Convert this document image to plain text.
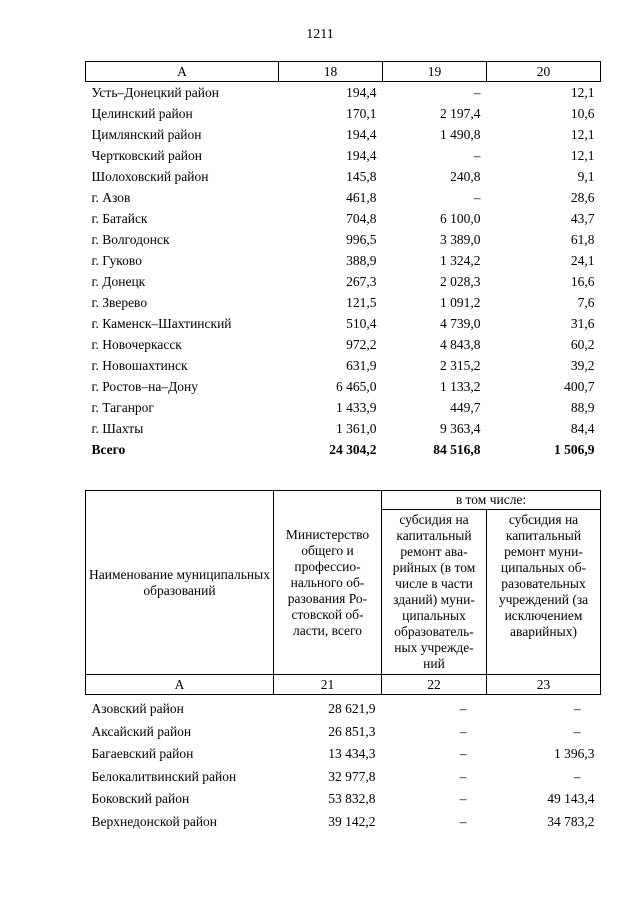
1211
А	18	19	20
Усть–Донецкий район	194,4	–	12,1
Целинский район	170,1	2 197,4	10,6
Цимлянский район	194,4	1 490,8	12,1
Чертковский район	194,4	–	12,1
Шолоховский район	145,8	240,8	9,1
г. Азов	461,8	–	28,6
г. Батайск	704,8	6 100,0	43,7
г. Волгодонск	996,5	3 389,0	61,8
г. Гуково	388,9	1 324,2	24,1
г. Донецк	267,3	2 028,3	16,6
г. Зверево	121,5	1 091,2	7,6
г. Каменск–Шахтинский	510,4	4 739,0	31,6
г. Новочеркасск	972,2	4 843,8	60,2
г. Новошахтинск	631,9	2 315,2	39,2
г. Ростов–на–Дону	6 465,0	1 133,2	400,7
г. Таганрог	1 433,9	449,7	88,9
г. Шахты	1 361,0	9 363,4	84,4
Всего	24 304,2	84 516,8	1 506,9
Наименование муниципальных образований	Министерство общего и профессио-нального об-разования Ро-стовской об-ласти, всего	в том числе:	
		субсидия на капитальный ремонт ава-рийных (в том числе в части зданий) муни-ципальных образователь-ных учрежде-ний	субсидия на капитальный ремонт муни-ципальных об-разовательных учреждений (за исключением аварийных)
А	21	22	23
Азовский район	28 621,9	–	–
Аксайский район	26 851,3	–	–
Багаевский район	13 434,3	–	1 396,3
Белокалитвинский район	32 977,8	–	–
Боковский район	53 832,8	–	49 143,4
Верхнедонской район	39 142,2	–	34 783,2
